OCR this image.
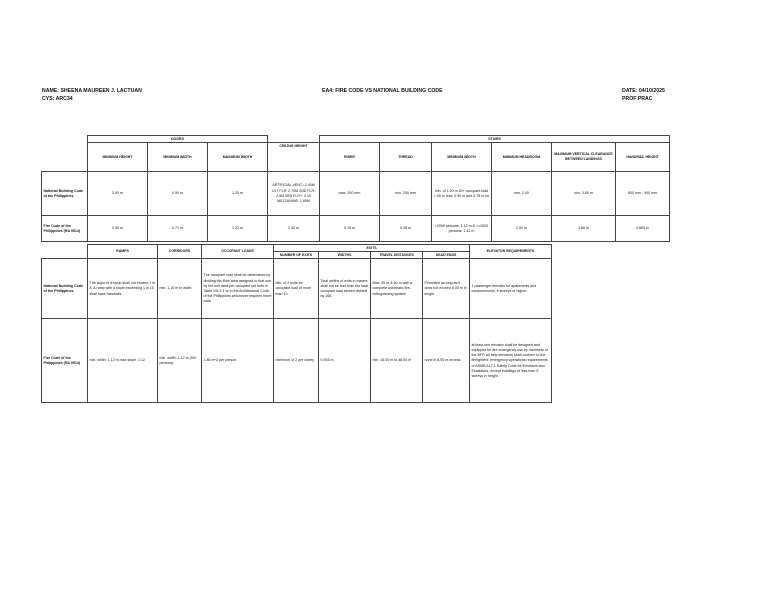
NAME: SHEENA MAUREEN J. LACTUAN
CYS: ARC34
EA4: FIRE CODE VS NATIONAL BUILDING CODE	DATE: 04/10/2025
PROF PRAC
	DOORS				STAIRS					
	MINIMUM HEIGHT	MINIMUM WIDTH	MAXIMUM WIDTH	CEILING HEIGHT	RISER	THREAD	MINIMUM WIDTH	MINIMUM HEADROOM	MAXIMUM VERTICAL CLEARANCE BETWEEN LANDINGS	HANDRAIL HEIGHT
National Building Code of the Philippines	2.00 m	0.90 m	1.20 m	ARTIFICIAL VENT.: 2.40M 1ST FLR; 2.70M 2ND FLR; 2.4M 3RD FLR+; 2.10 MEZZANINE: 1.80M	max. 200 mm	min. 250 mm	min. of 1.20 m 50+ occupant load = 50 or less: 0.90 m and 0.75 m for	min. 2.00	min. 3.60 m	800 mm - 900 mm
Fire Code of the Philippines (RA 9514)	2.00 m	0.71 m	1.22 m	2.40 m	0.19 m	0.28 m	<2000 persons: 1.12 m & >=2000 persons: 1.42 m	2.00 m	3.66 m	0.865 m
	RAMPS	CORRIDORS	OCCUPANT LOADS	EXITS				ELEVATOR REQUIREMENTS
				NUMBER OF EXITS	WIDTHS	TRAVEL DISTANCES	DEAD ENDS	
National Building Code of the Philippines	The slope of a ramp shall not exceed 1 in 8. A ramp with a slope exceeding 1 in 10 shall have handrails.	min. 1.10 m in width	The occupant load shall be determined by dividing the floor area assigned to that use by the unit area per occupant set forth in Table VIII.2.1 or in the Architectural Code of the Philippines whichever requires more exits.	Min. of 2 exits for occupant load of more than 10	Total widths of exits in meters shall not be less than the total occupant load served divided by 165.	Max. 45 m & 60 m with a complete automatic fire-extinguishing system	Permitted as long as it does not exceed 6.00 m in length	1 passenger elevator for apartments and condominiums, 5 storeys or higher.
Fire Code of the Philippines (RA 9514)	min. width: 1.12 m max slope: 1:12	min. width: 1.12 m (50+ persons)	1.86 m^2 per person	minimum of 2 per storey	0.915 m	min. 15.00 m to 46.00 m	none in 6.00 m excess	at least one elevator shall be designed and equipped for fire emergency use by members of the BFP. All new elevators shall conform to the firefighters' emergency operations requirements of ASME A17.1 Safety Code for Elevators and Escalators, except buildings of less than 5 storeys in height.
